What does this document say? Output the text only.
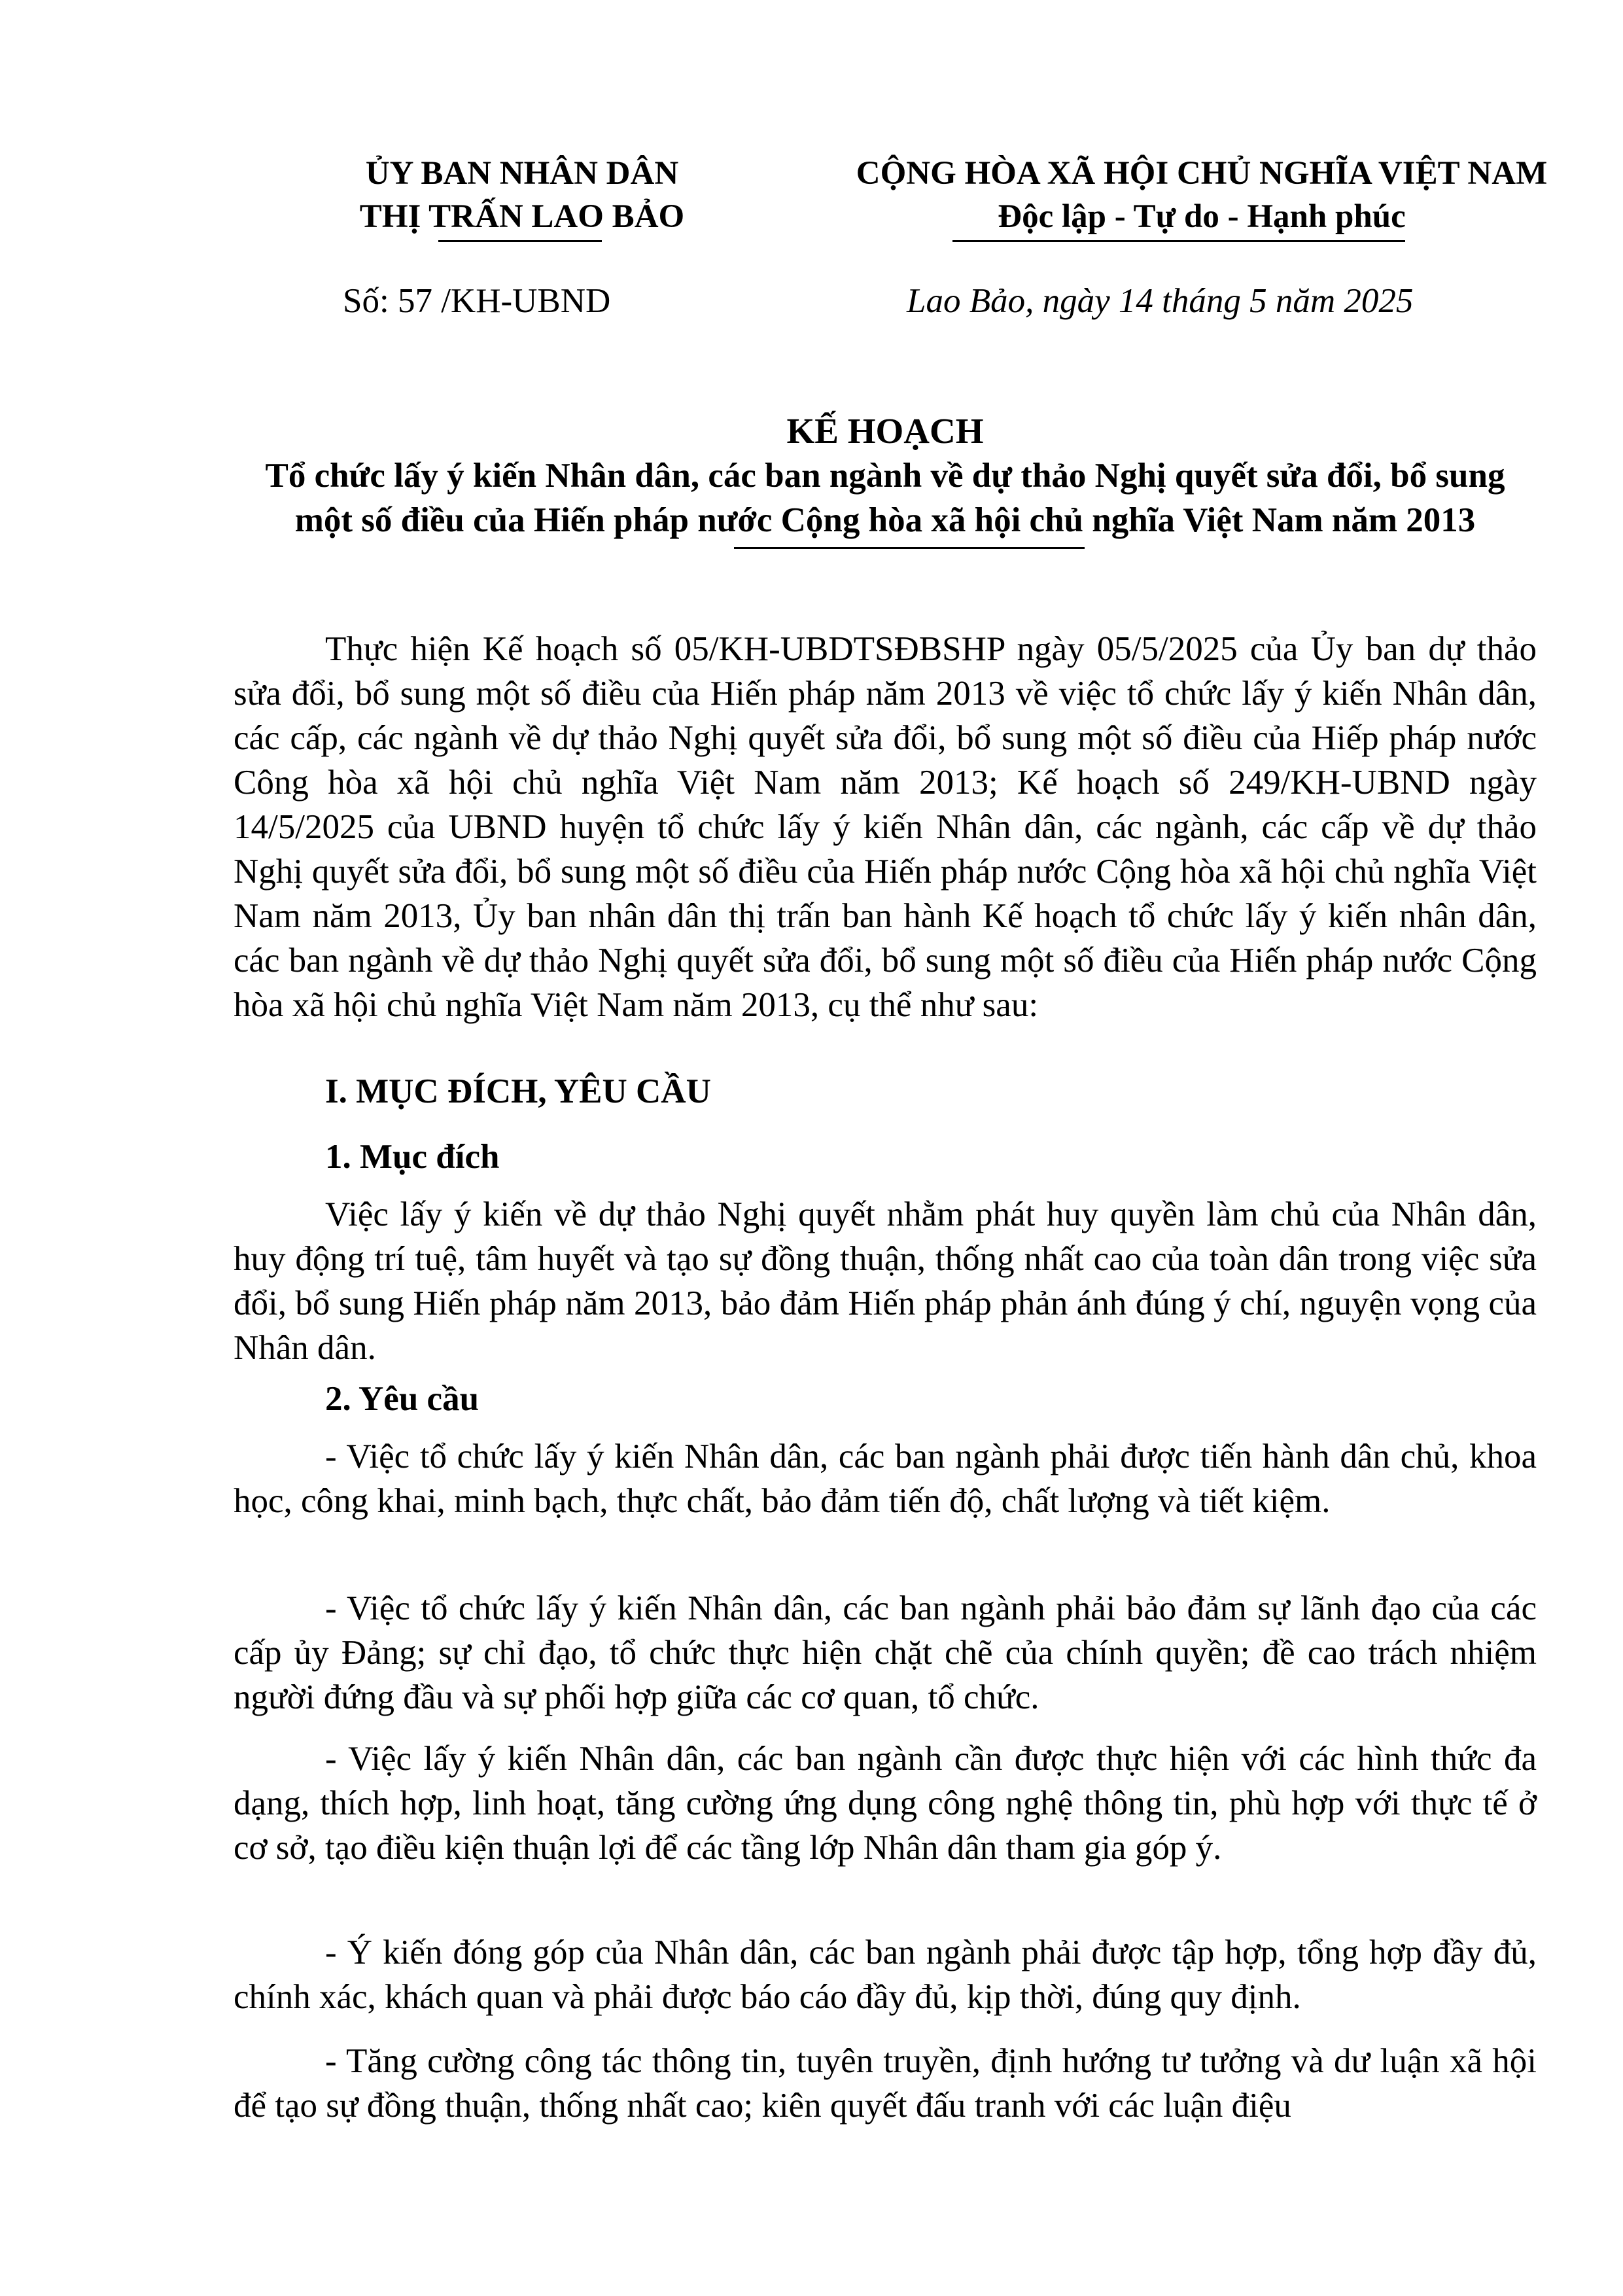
ỦY BAN NHÂN DÂN
THỊ TRẤN LAO BẢO
CỘNG HÒA XÃ HỘI CHỦ NGHĨA VIỆT NAM
Độc lập - Tự do - Hạnh phúc
Số: 57 /KH-UBND	Lao Bảo, ngày 14 tháng 5 năm 2025
KẾ HOẠCH
Tổ chức lấy ý kiến Nhân dân, các ban ngành về dự thảo Nghị quyết sửa đổi, bổ sung
một số điều của Hiến pháp nước Cộng hòa xã hội chủ nghĩa Việt Nam năm 2013
Thực hiện Kế hoạch số 05/KH-UBDTSĐBSHP ngày 05/5/2025 của Ủy ban dự thảo sửa đổi, bổ sung một số điều của Hiến pháp năm 2013 về việc tổ chức lấy ý kiến Nhân dân, các cấp, các ngành về dự thảo Nghị quyết sửa đổi, bổ sung một số điều của Hiếp pháp nước Công hòa xã hội chủ nghĩa Việt Nam năm 2013; Kế hoạch số 249/KH-UBND ngày 14/5/2025 của UBND huyện tổ chức lấy ý kiến Nhân dân, các ngành, các cấp về dự thảo Nghị quyết sửa đổi, bổ sung một số điều của Hiến pháp nước Cộng hòa xã hội chủ nghĩa Việt Nam năm 2013, Ủy ban nhân dân thị trấn ban hành Kế hoạch tổ chức lấy ý kiến nhân dân, các ban ngành về dự thảo Nghị quyết sửa đổi, bổ sung một số điều của Hiến pháp nước Cộng hòa xã hội chủ nghĩa Việt Nam năm 2013, cụ thể như sau:
I. MỤC ĐÍCH, YÊU CẦU
1. Mục đích
Việc lấy ý kiến về dự thảo Nghị quyết nhằm phát huy quyền làm chủ của Nhân dân, huy động trí tuệ, tâm huyết và tạo sự đồng thuận, thống nhất cao của toàn dân trong việc sửa đổi, bổ sung Hiến pháp năm 2013, bảo đảm Hiến pháp phản ánh đúng ý chí, nguyện vọng của Nhân dân.
2. Yêu cầu
- Việc tổ chức lấy ý kiến Nhân dân, các ban ngành phải được tiến hành dân chủ, khoa học, công khai, minh bạch, thực chất, bảo đảm tiến độ, chất lượng và tiết kiệm.
- Việc tổ chức lấy ý kiến Nhân dân, các ban ngành phải bảo đảm sự lãnh đạo của các cấp ủy Đảng; sự chỉ đạo, tổ chức thực hiện chặt chẽ của chính quyền; đề cao trách nhiệm người đứng đầu và sự phối hợp giữa các cơ quan, tổ chức.
- Việc lấy ý kiến Nhân dân, các ban ngành cần được thực hiện với các hình thức đa dạng, thích hợp, linh hoạt, tăng cường ứng dụng công nghệ thông tin, phù hợp với thực tế ở cơ sở, tạo điều kiện thuận lợi để các tầng lớp Nhân dân tham gia góp ý.
- Ý kiến đóng góp của Nhân dân, các ban ngành phải được tập hợp, tổng hợp đầy đủ, chính xác, khách quan và phải được báo cáo đầy đủ, kịp thời, đúng quy định.
- Tăng cường công tác thông tin, tuyên truyền, định hướng tư tưởng và dư luận xã hội để tạo sự đồng thuận, thống nhất cao; kiên quyết đấu tranh với các luận điệu
